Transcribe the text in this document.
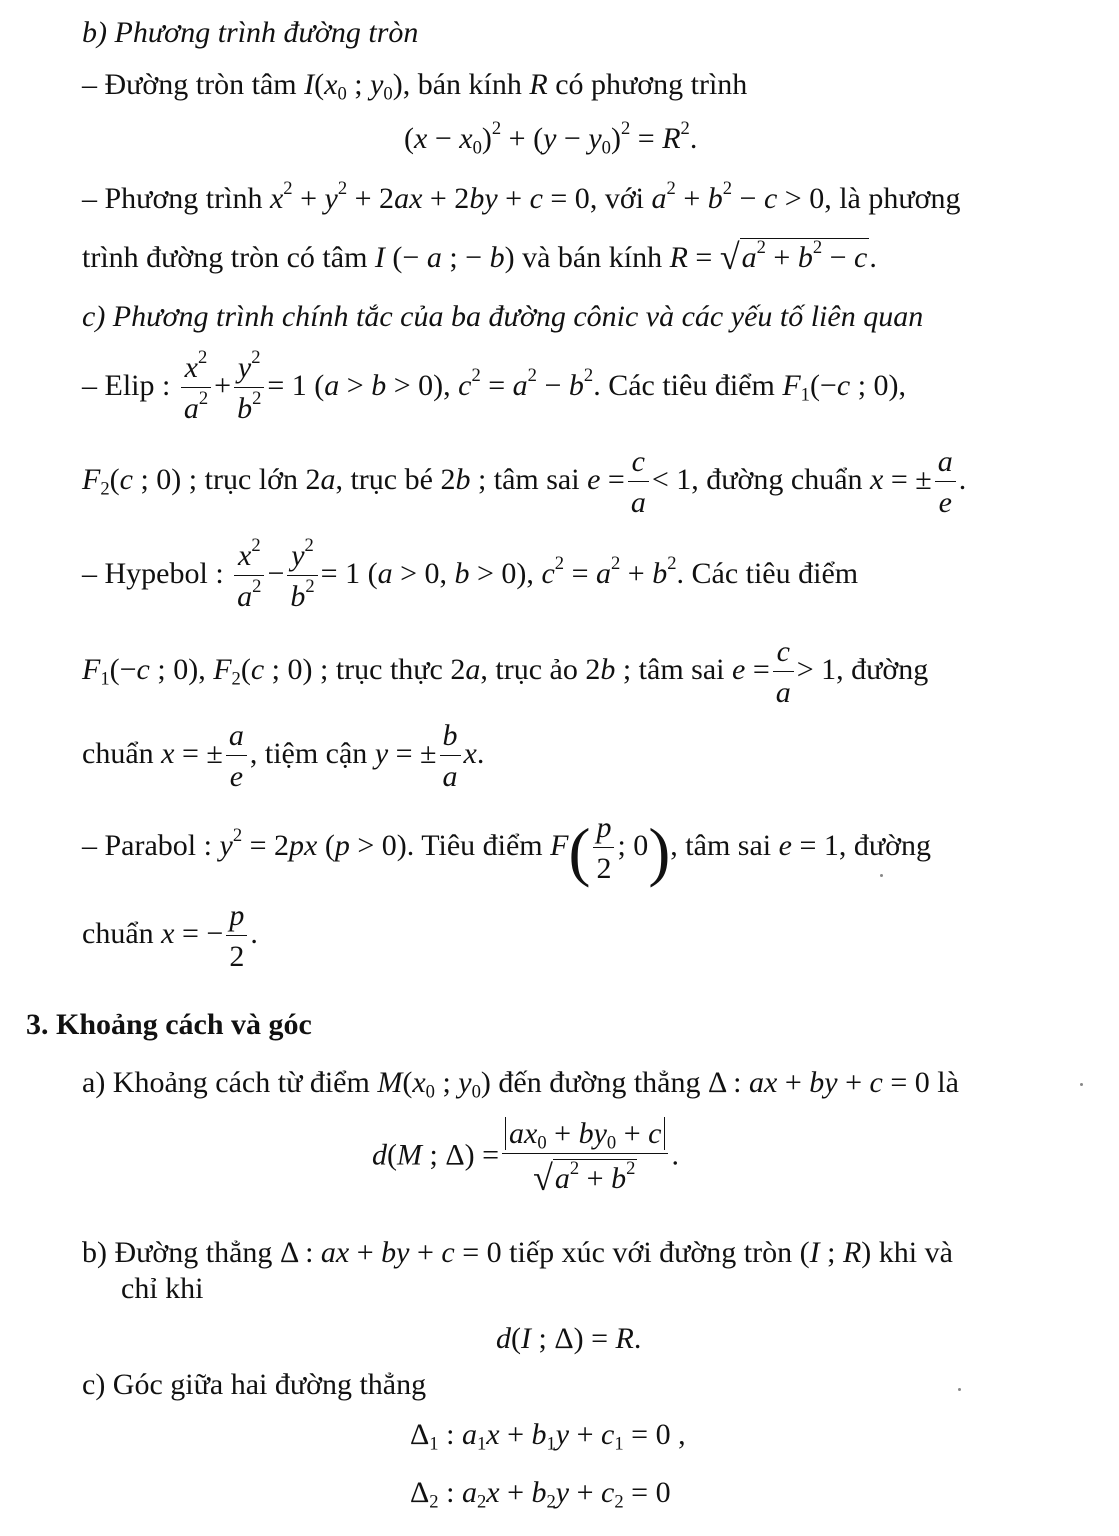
b) Phương trình đường tròn
– Đường tròn tâm $I(x_0$ ; $y_0$), bán kính R có phương trình
$(x - x_0)^2 + (y - y_0)^2 = R^2$.
– Phương trình $x^2 + y^2 + 2ax + 2by + c = 0$, với $a^2 + b^2 - c > 0$, là phương
trình đường tròn có tâm I (− a ; − b) và bán kính $R = √a^2 + b^2 - c$.
c) Phương trình chính tắc của ba đường cônic và các yếu tố liên quan
– Elip : $\frac{x^2}{a^2} + \frac{y^2}{b^2} = 1$ (a > b > 0), $c^2 = a^2 - b^2$. Các tiêu điểm $F_1(-c$ ; 0),
$F_2(c$ ; 0) ; trục lớn 2a, trục bé 2b ; tâm sai $e = \frac{c}{a} < 1$, đường chuẩn x = ± $\frac{a}{e}$ .
– Hypebol : $\frac{x^2}{a^2} - \frac{y^2}{b^2} = 1$ (a > 0, b > 0), $c^2 = a^2 + b^2$. Các tiêu điểm
$F_1(-c$ ; 0), $F_2(c$ ; 0) ; trục thực 2a, trục ảo 2b ; tâm sai $e = \frac{c}{a} > 1$, đường
chuẩn x = ± $\frac{a}{e}$ , tiệm cận y = ± $\frac{b}{a} x$.
– Parabol : $y^2 = 2px$ (p > 0). Tiêu điểm $F( \frac{p}{2}$ ; 0), tâm sai e = 1, đường
chuẩn x = − $\frac{p}{2}$ .
3. Khoảng cách và góc
a) Khoảng cách từ điểm $M(x_0$ ; $y_0$) đến đường thẳng Δ : ax + by + c = 0 là
d(M ; $\Delta) = \frac{ax_0 + by_0 + c}{√a^2 + b^2}$ .
b) Đường thẳng Δ : ax + by + c = 0 tiếp xúc với đường tròn (I ; R) khi và
chỉ khi
d(I ; Δ) = R.
c) Góc giữa hai đường thẳng
$\Delta_1$ : $a_1x + b_1y + c_1 = 0$ ,
$\Delta_2$ : $a_2x + b_2y + c_2 = 0$
